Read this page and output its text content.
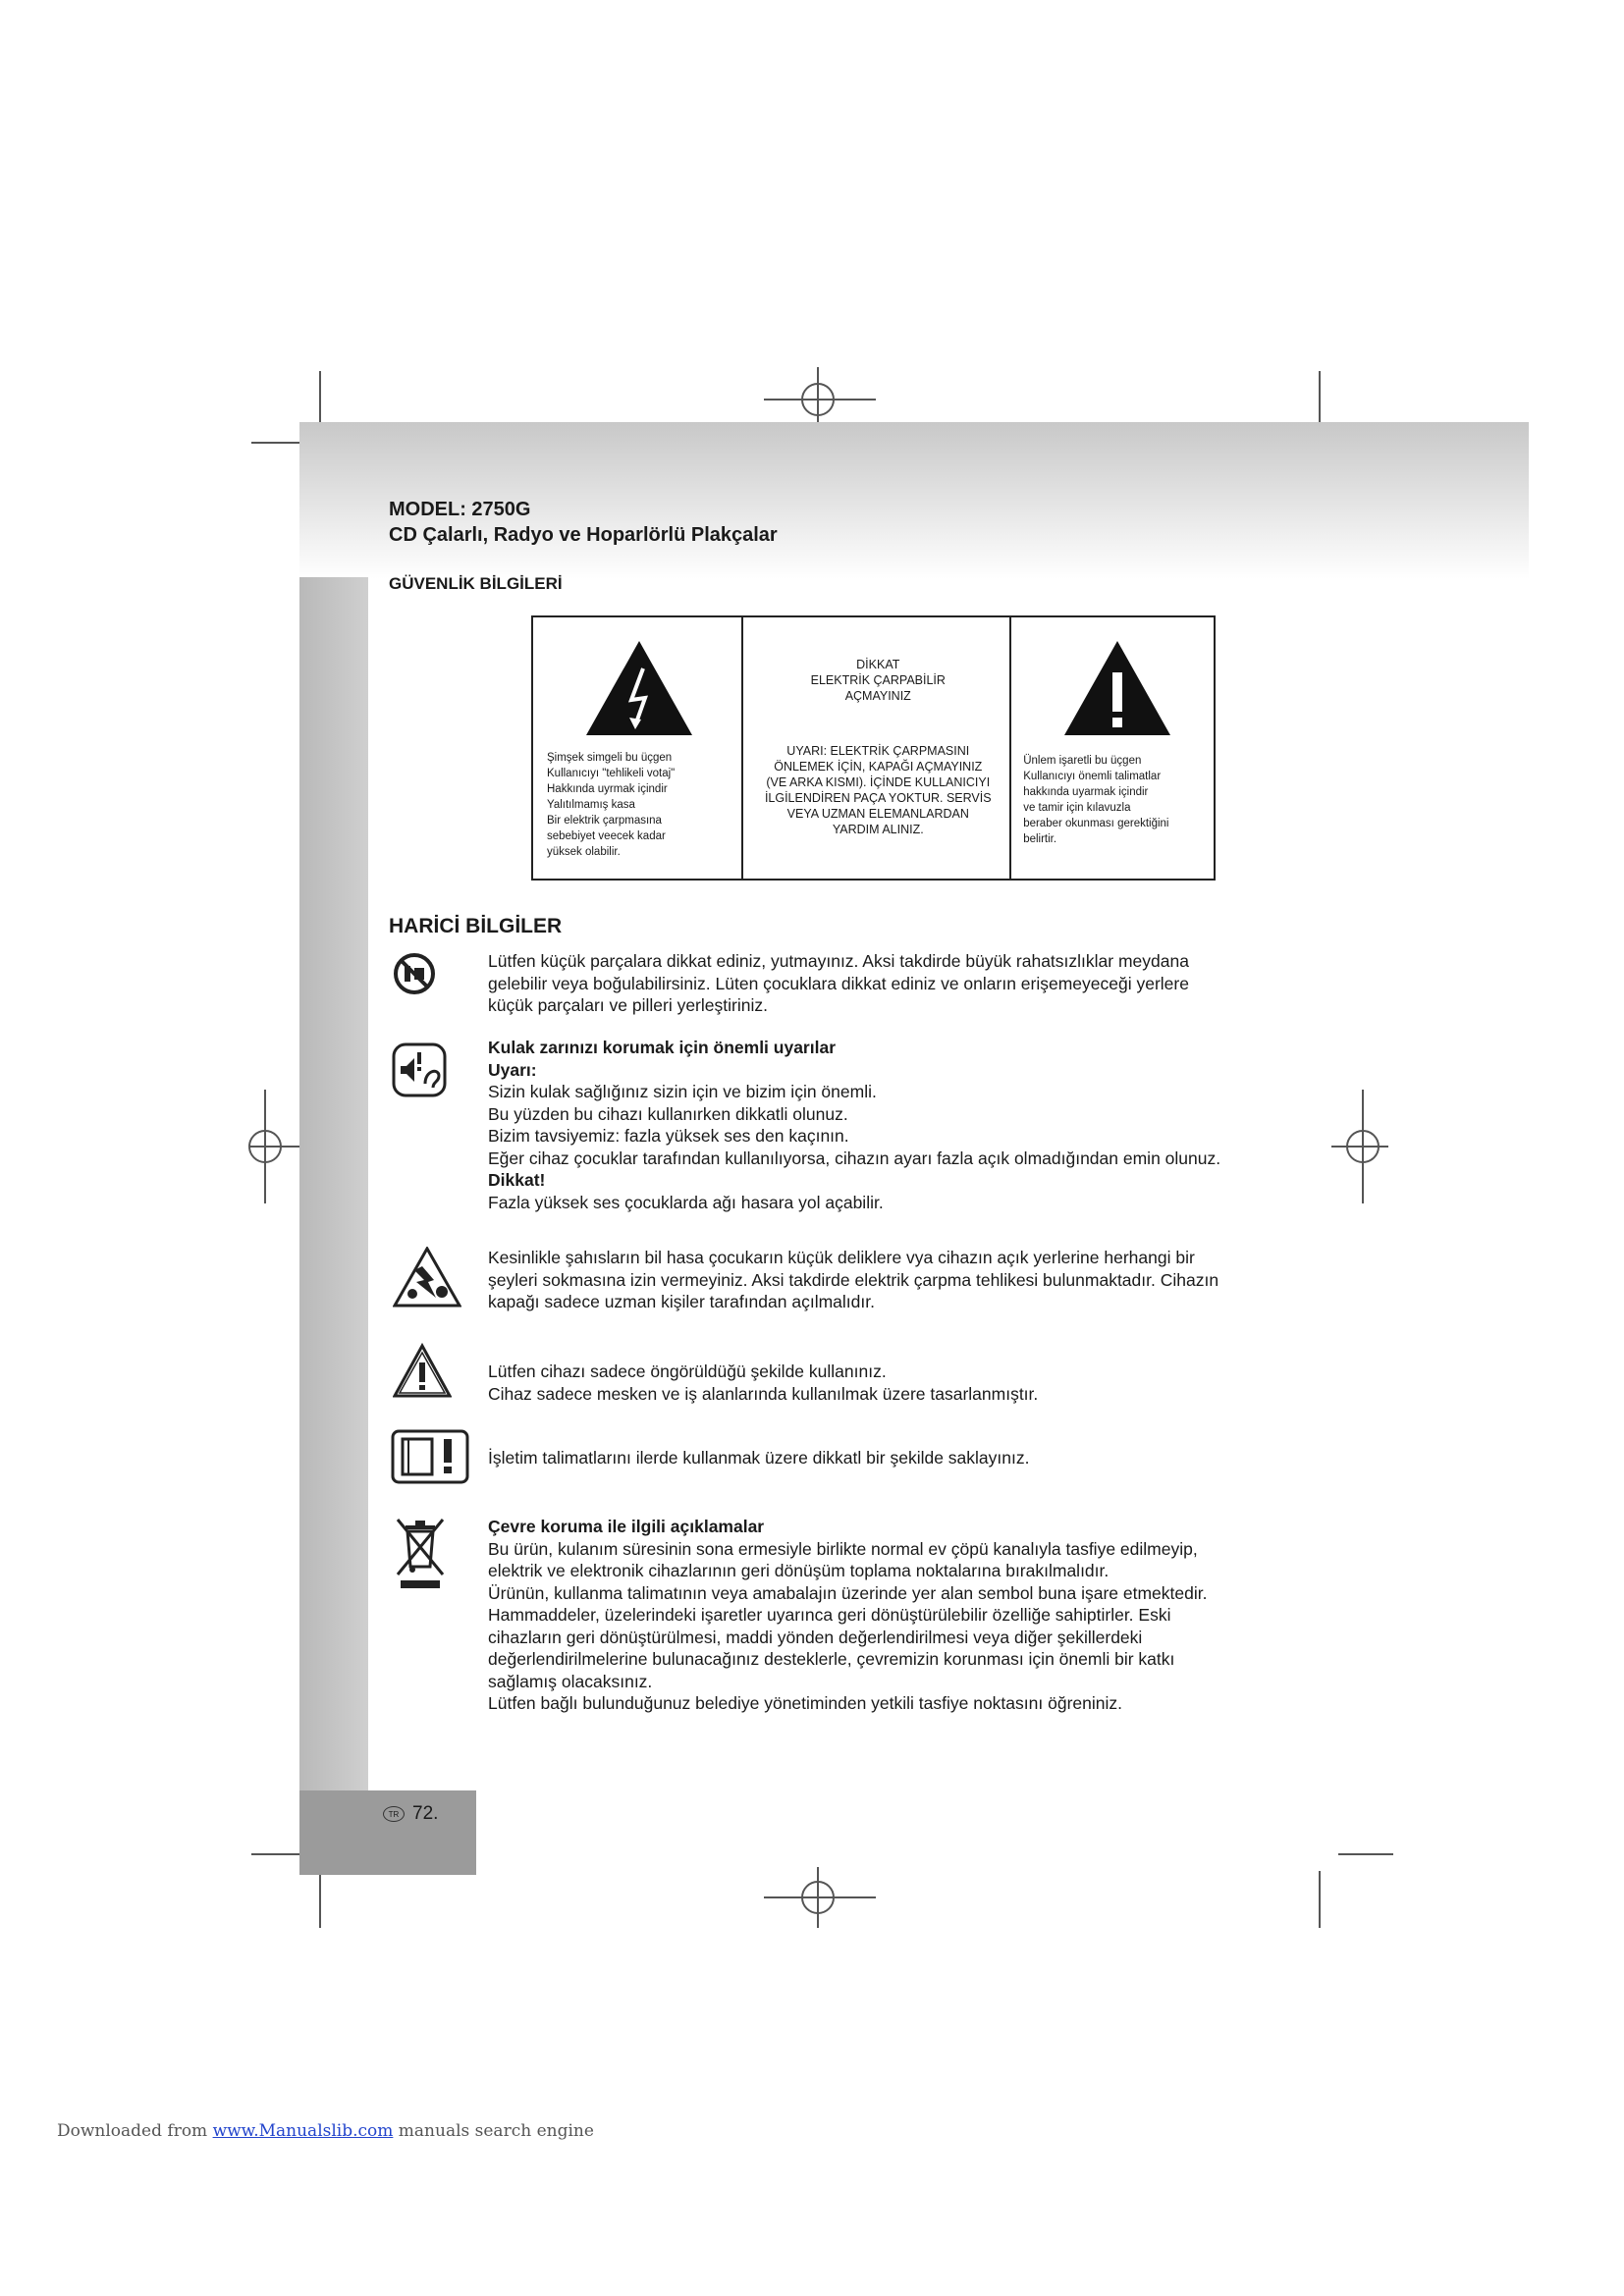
MODEL: 2750G
CD Çalarlı, Radyo ve Hoparlörlü Plakçalar
GÜVENLİK BİLGİLERİ
Şimşek simgeli bu üçgen
Kullanıcıyı "tehlikeli votaj"
Hakkında uyrmak içindir
Yalıtılmamış kasa
Bir elektrik çarpmasına
sebebiyet veecek kadar
yüksek olabilir.
DİKKAT
ELEKTRİK ÇARPABİLİR
AÇMAYINIZ
UYARI: ELEKTRİK ÇARPMASINI
ÖNLEMEK İÇİN, KAPAĞI AÇMAYINIZ
(VE ARKA KISMI). İÇİNDE KULLANICIYI
İLGİLENDİREN PAÇA YOKTUR. SERVİS
VEYA UZMAN ELEMANLARDAN
YARDIM ALINIZ.
Ünlem işaretli bu üçgen
Kullanıcıyı önemli talimatlar
hakkında uyarmak içindir
ve tamir için kılavuzla
beraber okunması gerektiğini
belirtir.
HARİCİ BİLGİLER

Lütfen küçük parçalara dikkat ediniz, yutmayınız. Aksi takdirde büyük rahatsızlıklar meydana

gelebilir veya boğulabilirsiniz. Lüten çocuklara dikkat ediniz ve onların erişemeyeceği yerlere

küçük parçaları ve pilleri yerleştiriniz.

Kulak zarınızı korumak için önemli uyarılar

Uyarı:

Sizin kulak sağlığınız sizin için ve bizim için önemli.

Bu yüzden bu cihazı kullanırken dikkatli olunuz.

Bizim tavsiyemiz: fazla yüksek ses den kaçının.

Eğer cihaz çocuklar tarafından kullanılıyorsa, cihazın ayarı fazla açık olmadığından emin olunuz.

Dikkat!

Fazla yüksek ses çocuklarda ağı hasara yol açabilir.

Kesinlikle şahısların bil hasa çocukarın küçük deliklere vya cihazın açık yerlerine herhangi bir

şeyleri sokmasına izin vermeyiniz. Aksi takdirde elektrik çarpma tehlikesi bulunmaktadır. Cihazın

kapağı sadece uzman kişiler tarafından açılmalıdır.

Lütfen cihazı sadece öngörüldüğü şekilde kullanınız.

Cihaz sadece mesken ve iş alanlarında kullanılmak üzere tasarlanmıştır.

İşletim talimatlarını ilerde kullanmak üzere dikkatl bir şekilde saklayınız.

Çevre koruma ile ilgili açıklamalar

Bu ürün, kulanım süresinin sona ermesiyle birlikte normal ev çöpü kanalıyla tasfiye edilmeyip,

elektrik ve elektronik cihazlarının geri dönüşüm toplama noktalarına bırakılmalıdır.

Ürünün, kullanma talimatının veya amabalajın üzerinde yer alan sembol buna işare etmektedir.

Hammaddeler, üzelerindeki işaretler uyarınca geri dönüştürülebilir özelliğe sahiptirler. Eski

cihazların geri dönüştürülmesi, maddi yönden değerlendirilmesi veya diğer şekillerdeki

değerlendirilmelerine bulunacağınız desteklerle, çevremizin korunması için önemli bir katkı

sağlamış olacaksınız.

Lütfen bağlı bulunduğunuz belediye yönetiminden yetkili tasfiye noktasını öğreniniz.

TR 72.
Downloaded from www.Manualslib.com manuals search engine
